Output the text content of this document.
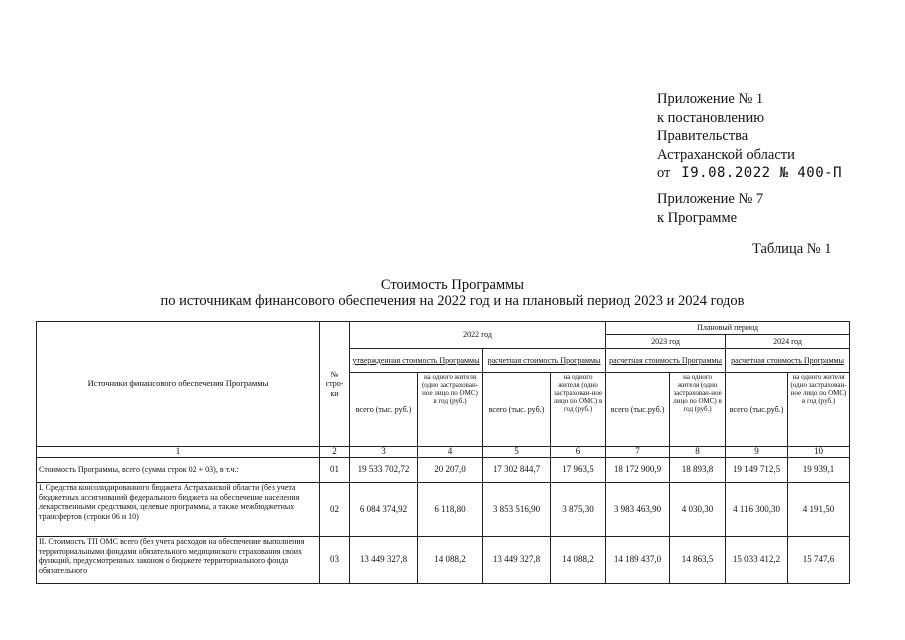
Приложение № 1
к постановлению
Правительства
Астраханской области
от I9.08.2022 № 400-П
Приложение № 7
к Программе
Таблица № 1
Стоимость Программы
по источникам финансового обеспечения на 2022 год и на плановый период 2023 и 2024 годов
Источники финансового обеспечения Программы	№ стро-ки	2022 год				Плановый период			
						2023 год		2024 год	
		утвержденная стоимость Программы		расчетная стоимость Программы		расчетная стоимость Программы		расчетная стоимость Программы	
		всего (тыс. руб.)	на одного жителя (одно застрахован-ное лицо по ОМС) в год (руб.)	всего (тыс. руб.)	на одного жителя (одно застрахован-ное лицо по ОМС) в год (руб.)	всего (тыс.руб.)	на одного жителя (одно застрахован-ное лицо по ОМС) в год (руб.)	всего (тыс.руб.)	на одного жителя (одно застрахован-ное лицо по ОМС) в год (руб.)
1	2	3	4	5	6	7	8	9	10
Стоимость Программы, всего (сумма строк 02 + 03), в т.ч.:	01	19 533 702,72	20 207,0	17 302 844,7	17 963,5	18 172 900,9	18 893,8	19 149 712,5	19 939,1
I. Средства консолидированного бюджета Астраханской области (без учета бюджетных ассигнований федерального бюджета на обеспечение населения лекарственными средствами, целевые программы, а также межбюджетных трансфертов (строки 06 и 10)	02	6 084 374,92	6 118,80	3 853 516,90	3 875,30	3 983 463,90	4 030,30	4 116 300,30	4 191,50
II. Стоимость ТП ОМС всего (без учета расходов на обеспечение выполнения территориальными фондами обязательного медицинского страхования своих функций, предусмотренных законом о бюджете территориального фонда обязательного	03	13 449 327,8	14 088,2	13 449 327,8	14 088,2	14 189 437,0	14 863,5	15 033 412,2	15 747,6
